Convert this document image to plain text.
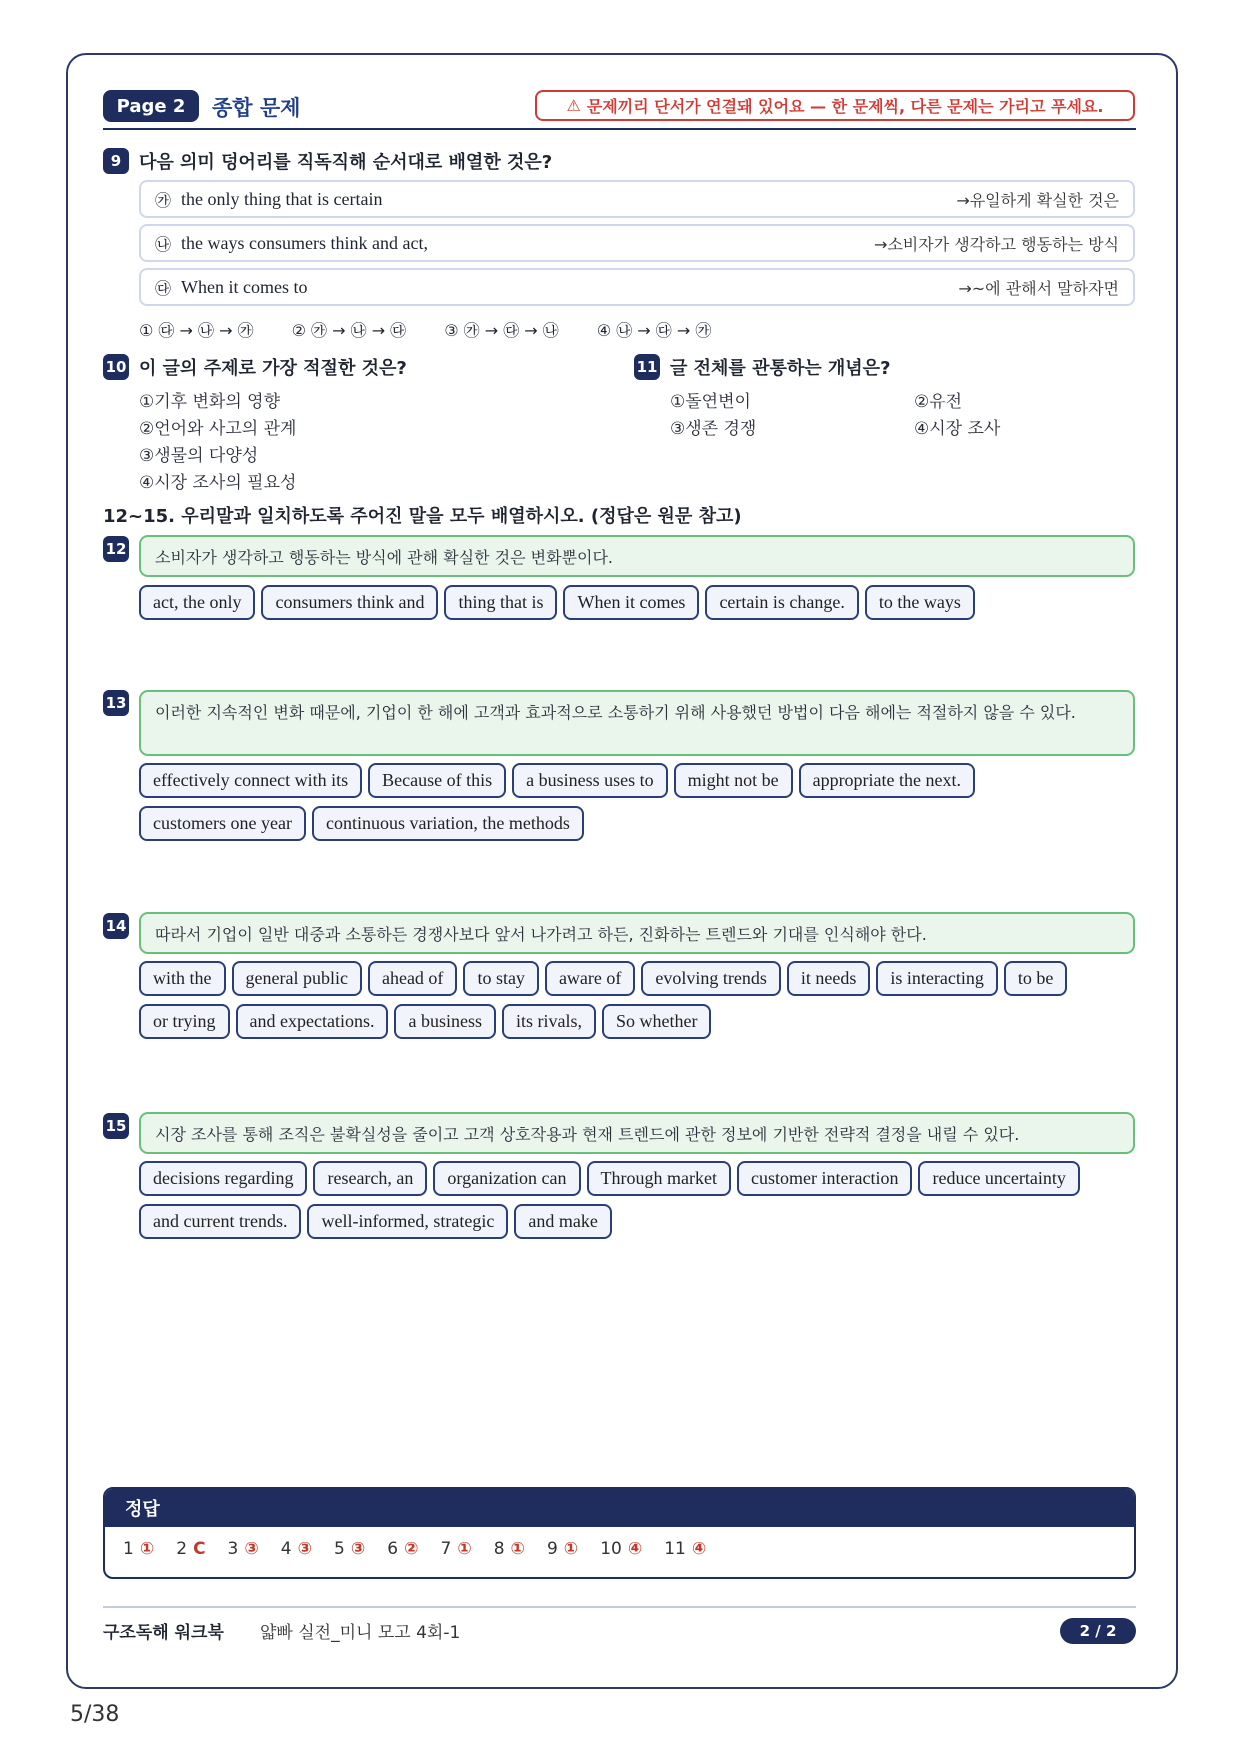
Page 2	종합 문제	⚠ 문제끼리 단서가 연결돼 있어요 — 한 문제씩, 다른 문제는 가리고 푸세요.
9 다음 의미 덩어리를 직독직해 순서대로 배열한 것은?
㉮ the only thing that is certain	→유일하게 확실한 것은
㉯ the ways consumers think and act,	→소비자가 생각하고 행동하는 방식
㉰ When it comes to	→~에 관해서 말하자면
① ㉰ → ㉯ → ㉮ ② ㉮ → ㉯ → ㉰ ③ ㉮ → ㉰ → ㉯ ④ ㉯ → ㉰ → ㉮
10 이 글의 주제로 가장 적절한 것은?
①기후 변화의 영향
②언어와 사고의 관계
③생물의 다양성
④시장 조사의 필요성
11 글 전체를 관통하는 개념은?
①돌연변이	②유전
③생존 경쟁	④시장 조사
12~15. 우리말과 일치하도록 주어진 말을 모두 배열하시오. (정답은 원문 참고)
12	소비자가 생각하고 행동하는 방식에 관해 확실한 것은 변화뿐이다.
act, the only	consumers think and	thing that is	When it comes	certain is change.	to the ways
13	이러한 지속적인 변화 때문에, 기업이 한 해에 고객과 효과적으로 소통하기 위해 사용했던 방법이 다음 해에는 적절하지 않을 수 있다.
effectively connect with its	Because of this	a business uses to	might not be	appropriate the next.
customers one year	continuous variation, the methods
14	따라서 기업이 일반 대중과 소통하든 경쟁사보다 앞서 나가려고 하든, 진화하는 트렌드와 기대를 인식해야 한다.
with the	general public	ahead of	to stay	aware of	evolving trends	it needs	is interacting	to be
or trying	and expectations.	a business	its rivals,	So whether
15	시장 조사를 통해 조직은 불확실성을 줄이고 고객 상호작용과 현재 트렌드에 관한 정보에 기반한 전략적 결정을 내릴 수 있다.
decisions regarding	research, an	organization can	Through market	customer interaction	reduce uncertainty
and current trends.	well-informed, strategic	and make
정답
1 ① 2 C 3 ③ 4 ③ 5 ③ 6 ② 7 ① 8 ① 9 ① 10 ④ 11 ④
구조독해 워크북 얇빠 실전_미니 모고 4회-1	2 / 2
5/38
